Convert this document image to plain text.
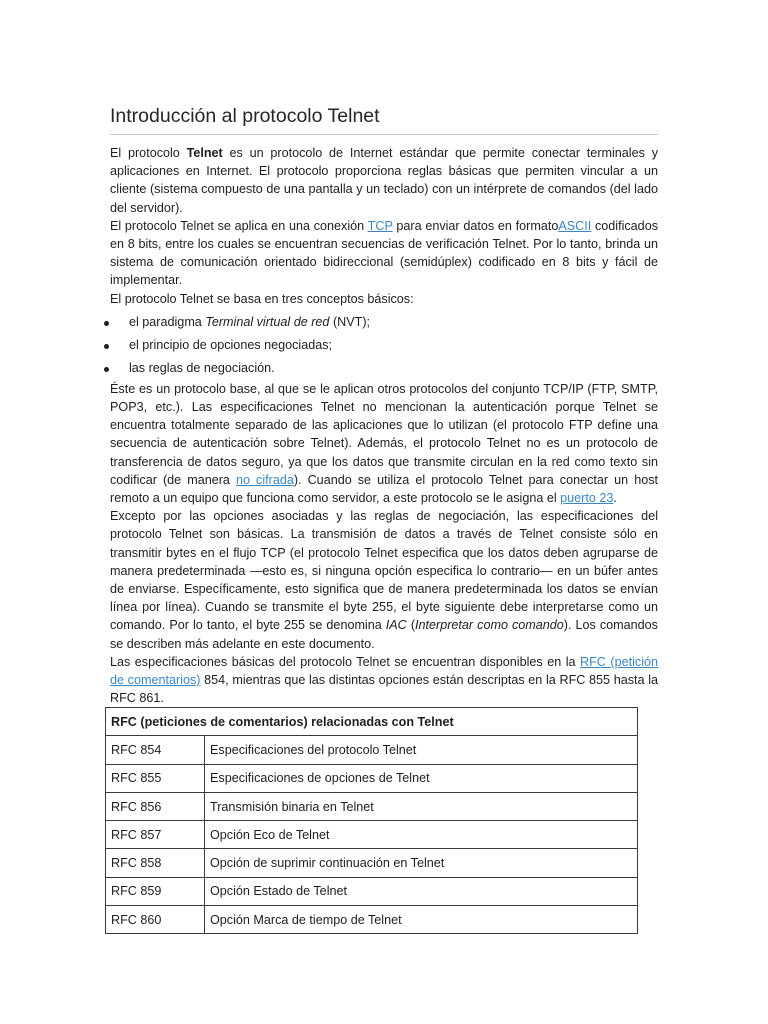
Introducción al protocolo Telnet

El protocolo Telnet es un protocolo de Internet estándar que permite conectar terminales y aplicaciones en Internet. El protocolo proporciona reglas básicas que permiten vincular a un cliente (sistema compuesto de una pantalla y un teclado) con un intérprete de comandos (del lado del servidor).

El protocolo Telnet se aplica en una conexión TCP para enviar datos en formatoASCII codificados en 8 bits, entre los cuales se encuentran secuencias de verificación Telnet. Por lo tanto, brinda un sistema de comunicación orientado bidireccional (semidúplex) codificado en 8 bits y fácil de implementar.

El protocolo Telnet se basa en tres conceptos básicos:

el paradigma Terminal virtual de red (NVT);
el principio de opciones negociadas;
las reglas de negociación.

Éste es un protocolo base, al que se le aplican otros protocolos del conjunto TCP/IP (FTP, SMTP, POP3, etc.). Las especificaciones Telnet no mencionan la autenticación porque Telnet se encuentra totalmente separado de las aplicaciones que lo utilizan (el protocolo FTP define una secuencia de autenticación sobre Telnet). Además, el protocolo Telnet no es un protocolo de transferencia de datos seguro, ya que los datos que transmite circulan en la red como texto sin codificar (de manera no cifrada). Cuando se utiliza el protocolo Telnet para conectar un host remoto a un equipo que funciona como servidor, a este protocolo se le asigna el puerto 23.

Excepto por las opciones asociadas y las reglas de negociación, las especificaciones del protocolo Telnet son básicas. La transmisión de datos a través de Telnet consiste sólo en transmitir bytes en el flujo TCP (el protocolo Telnet especifica que los datos deben agruparse de manera predeterminada —esto es, si ninguna opción especifica lo contrario— en un búfer antes de enviarse. Específicamente, esto significa que de manera predeterminada los datos se envían línea por línea). Cuando se transmite el byte 255, el byte siguiente debe interpretarse como un comando. Por lo tanto, el byte 255 se denomina IAC (Interpretar como comando). Los comandos se describen más adelante en este documento.

Las especificaciones básicas del protocolo Telnet se encuentran disponibles en la RFC (petición de comentarios) 854, mientras que las distintas opciones están descriptas en la RFC 855 hasta la RFC 861.

RFC (peticiones de comentarios) relacionadas con Telnet	
RFC 854	Especificaciones del protocolo Telnet
RFC 855	Especificaciones de opciones de Telnet
RFC 856	Transmisión binaria en Telnet
RFC 857	Opción Eco de Telnet
RFC 858	Opción de suprimir continuación en Telnet
RFC 859	Opción Estado de Telnet
RFC 860	Opción Marca de tiempo de Telnet
